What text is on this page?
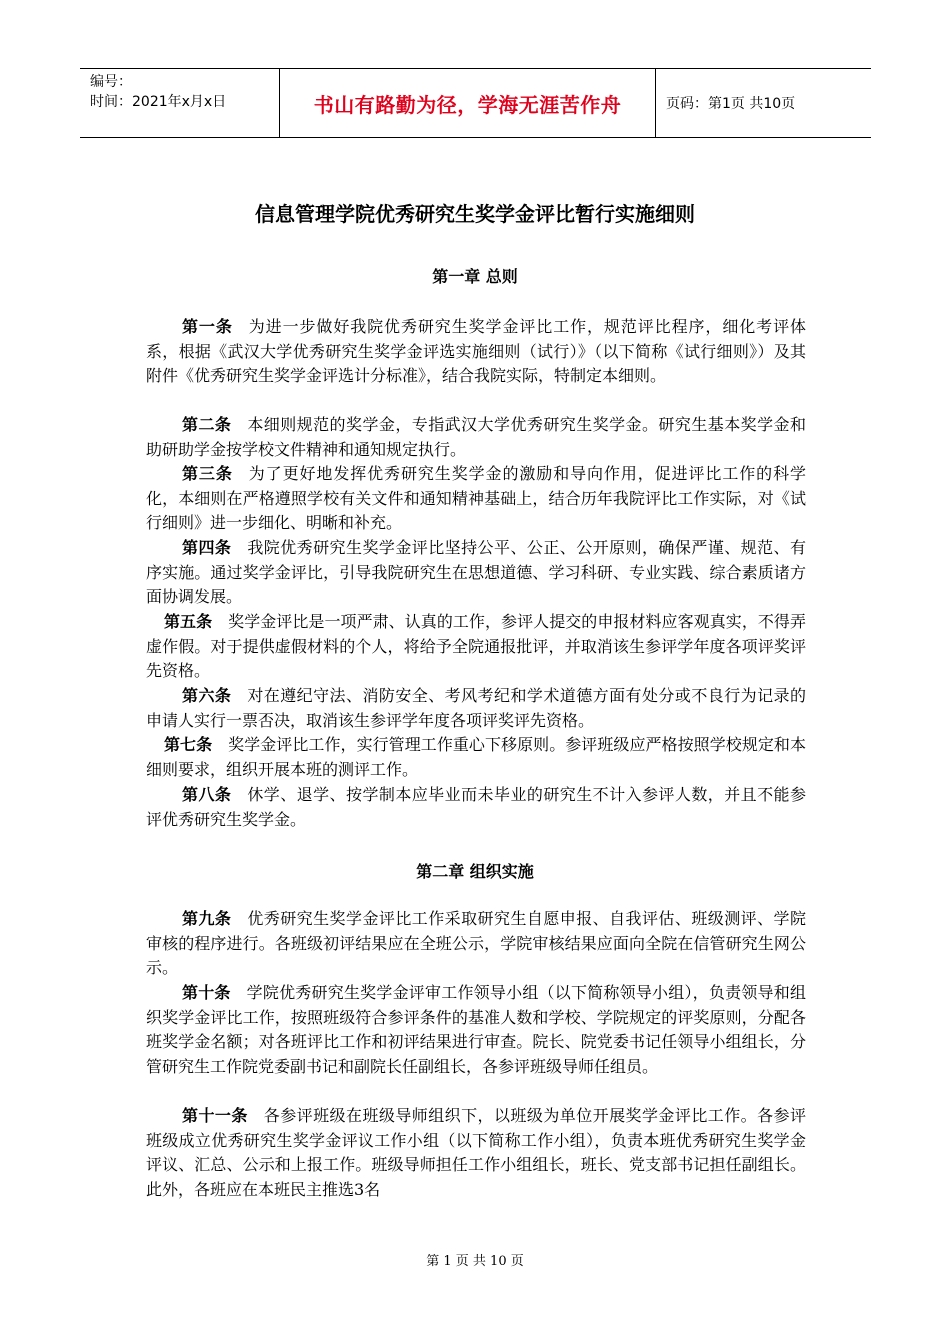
编号：
时间：2021年x月x日	书山有路勤为径，学海无涯苦作舟	页码：第1页 共10页
信息管理学院优秀研究生奖学金评比暂行实施细则
第一章 总则

第一条 为进一步做好我院优秀研究生奖学金评比工作，规范评比程序，细化考评体系，根据《武汉大学优秀研究生奖学金评选实施细则（试行）》（以下简称《试行细则》）及其附件《优秀研究生奖学金评选计分标准》，结合我院实际，特制定本细则。

第二条 本细则规范的奖学金，专指武汉大学优秀研究生奖学金。研究生基本奖学金和助研助学金按学校文件精神和通知规定执行。

第三条 为了更好地发挥优秀研究生奖学金的激励和导向作用，促进评比工作的科学化，本细则在严格遵照学校有关文件和通知精神基础上，结合历年我院评比工作实际，对《试行细则》进一步细化、明晰和补充。

第四条 我院优秀研究生奖学金评比坚持公平、公正、公开原则，确保严谨、规范、有序实施。通过奖学金评比，引导我院研究生在思想道德、学习科研、专业实践、综合素质诸方面协调发展。

第五条 奖学金评比是一项严肃、认真的工作，参评人提交的申报材料应客观真实，不得弄虚作假。对于提供虚假材料的个人，将给予全院通报批评，并取消该生参评学年度各项评奖评先资格。

第六条 对在遵纪守法、消防安全、考风考纪和学术道德方面有处分或不良行为记录的申请人实行一票否决，取消该生参评学年度各项评奖评先资格。

第七条 奖学金评比工作，实行管理工作重心下移原则。参评班级应严格按照学校规定和本细则要求，组织开展本班的测评工作。

第八条 休学、退学、按学制本应毕业而未毕业的研究生不计入参评人数，并且不能参评优秀研究生奖学金。

第二章 组织实施

第九条 优秀研究生奖学金评比工作采取研究生自愿申报、自我评估、班级测评、学院审核的程序进行。各班级初评结果应在全班公示，学院审核结果应面向全院在信管研究生网公示。

第十条 学院优秀研究生奖学金评审工作领导小组（以下简称领导小组），负责领导和组织奖学金评比工作，按照班级符合参评条件的基准人数和学校、学院规定的评奖原则，分配各班奖学金名额；对各班评比工作和初评结果进行审查。院长、院党委书记任领导小组组长，分管研究生工作院党委副书记和副院长任副组长，各参评班级导师任组员。

第十一条 各参评班级在班级导师组织下，以班级为单位开展奖学金评比工作。各参评班级成立优秀研究生奖学金评议工作小组（以下简称工作小组），负责本班优秀研究生奖学金评议、汇总、公示和上报工作。班级导师担任工作小组组长，班长、党支部书记担任副组长。此外，各班应在本班民主推选3名

第 1 页 共 10 页
